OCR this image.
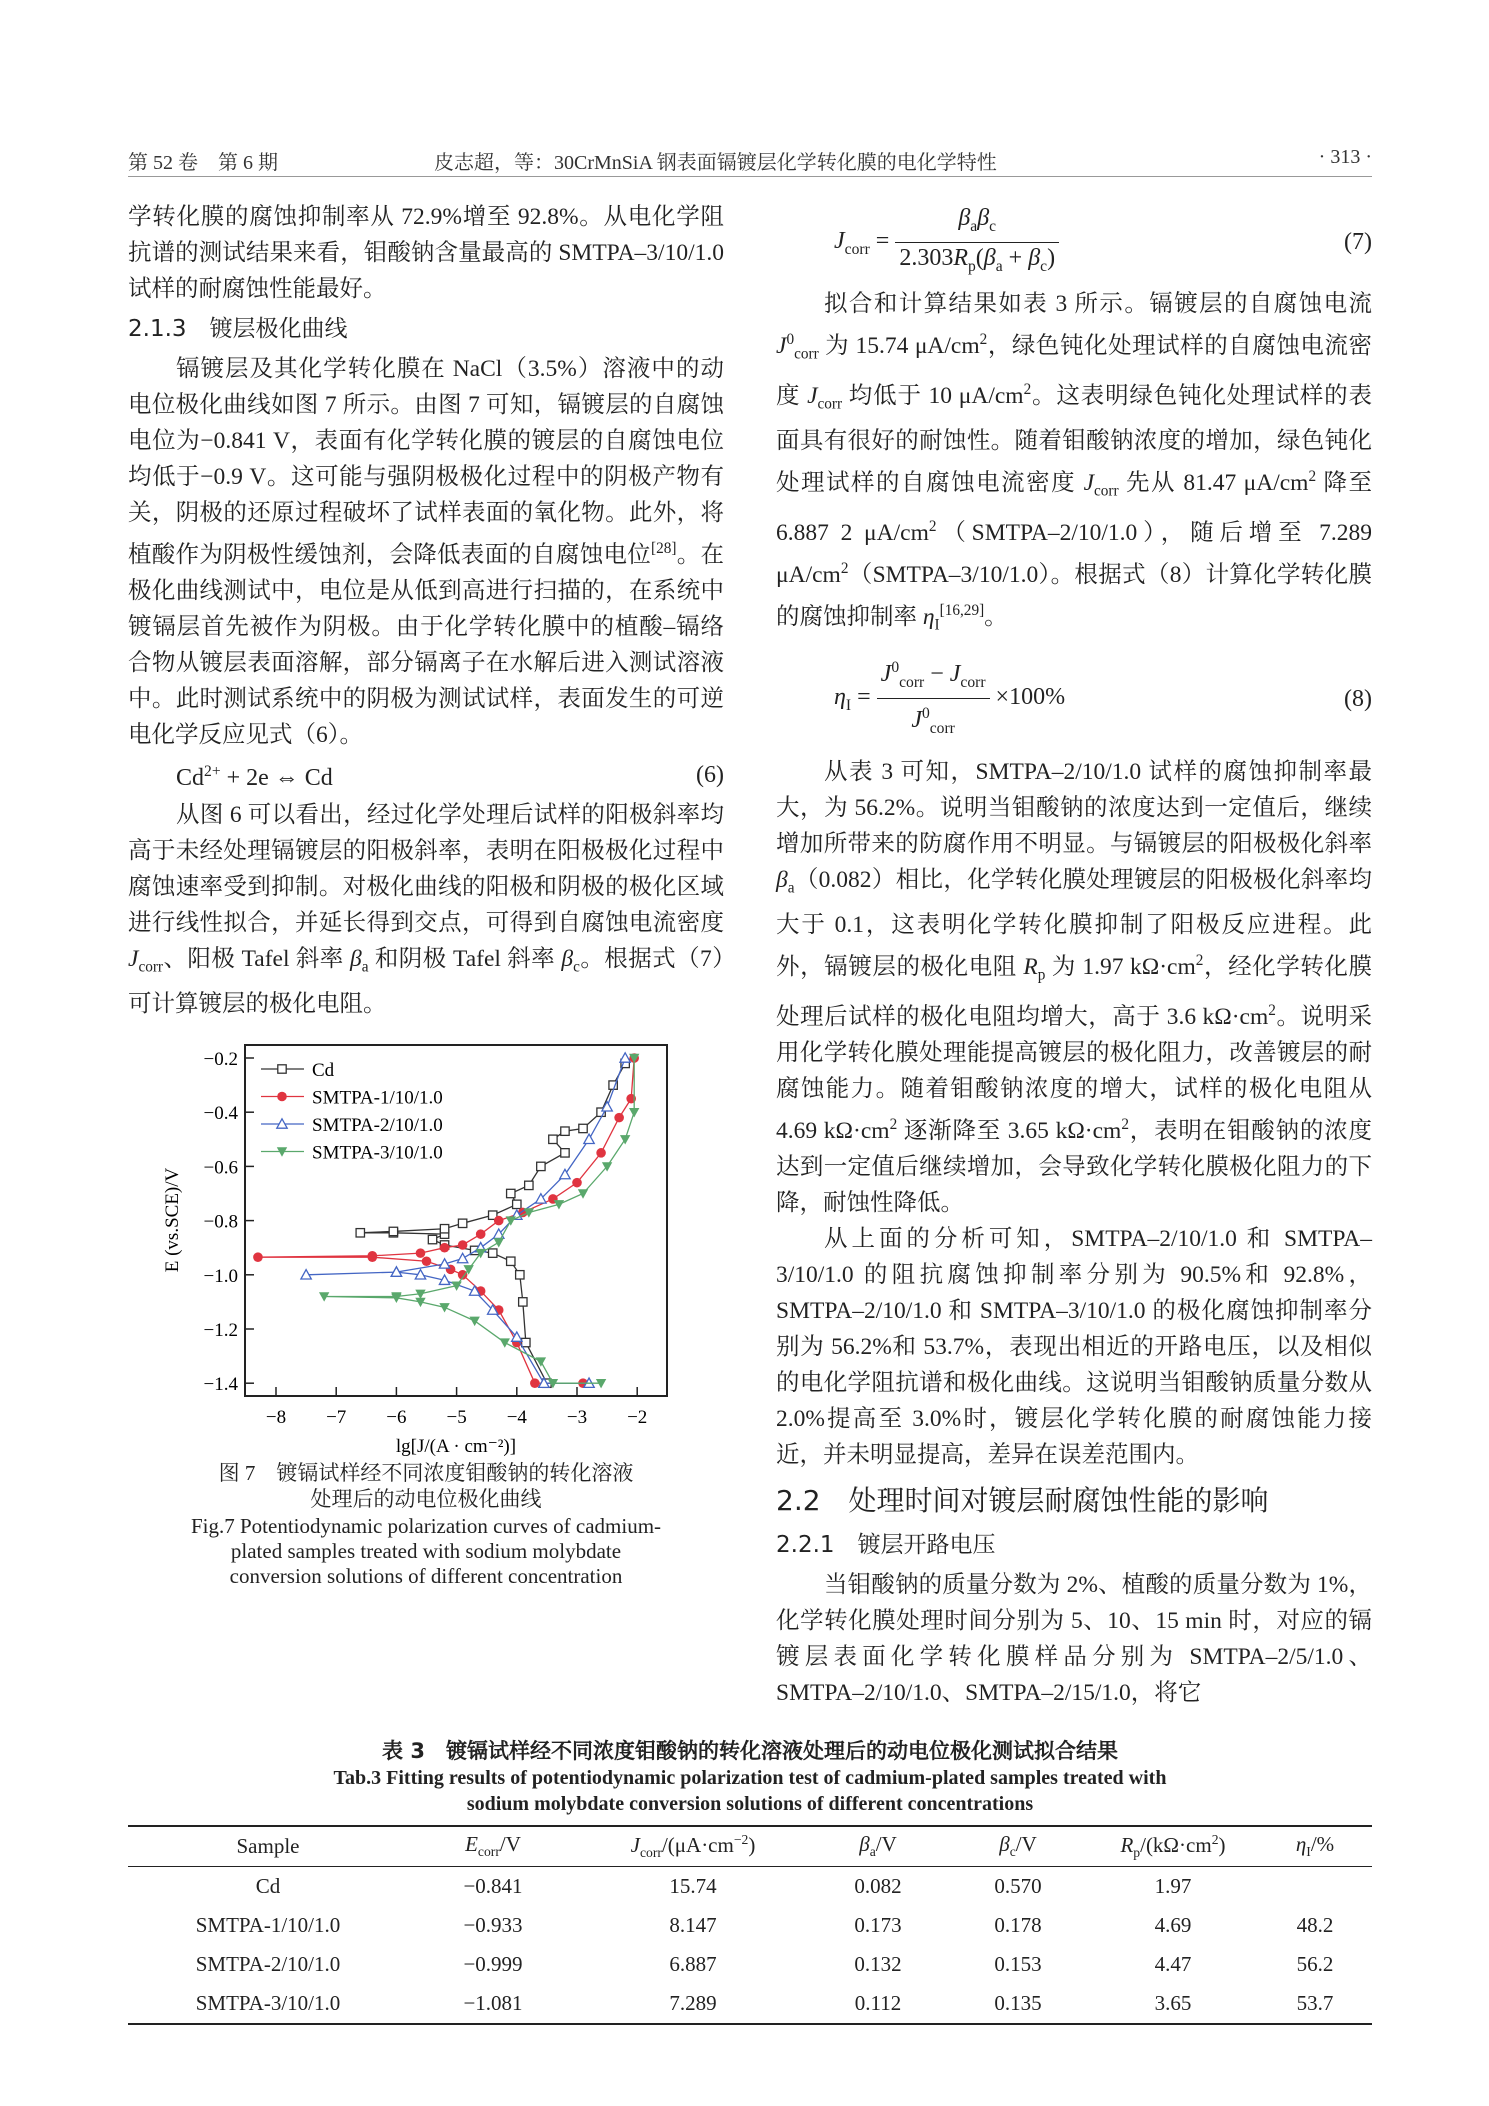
第 52 卷　第 6 期	皮志超，等：30CrMnSiA 钢表面镉镀层化学转化膜的电化学特性	· 313 ·

学转化膜的腐蚀抑制率从 72.9%增至 92.8%。从电化学阻抗谱的测试结果来看，钼酸钠含量最高的 SMTPA–3/10/1.0 试样的耐腐蚀性能最好。

2.1.3　镀层极化曲线

镉镀层及其化学转化膜在 NaCl（3.5%）溶液中的动电位极化曲线如图 7 所示。由图 7 可知，镉镀层的自腐蚀电位为−0.841 V，表面有化学转化膜的镀层的自腐蚀电位均低于−0.9 V。这可能与强阴极极化过程中的阴极产物有关，阴极的还原过程破坏了试样表面的氧化物。此外，将植酸作为阴极性缓蚀剂，会降低表面的自腐蚀电位[28]。在极化曲线测试中，电位是从低到高进行扫描的，在系统中镀镉层首先被作为阴极。由于化学转化膜中的植酸–镉络合物从镀层表面溶解，部分镉离子在水解后进入测试溶液中。此时测试系统中的阴极为测试试样，表面发生的可逆电化学反应见式（6）。

$Cd^{2+} + 2e$ ⇔ Cd	(6)

从图 6 可以看出，经过化学处理后试样的阳极斜率均高于未经处理镉镀层的阳极斜率，表明在阳极极化过程中腐蚀速率受到抑制。对极化曲线的阳极和阴极的极化区域进行线性拟合，并延长得到交点，可得到自腐蚀电流密度 $J_{corr}$、阳极 Tafel 斜率 $\beta_a$ 和阴极 Tafel 斜率 $\beta_c$。根据式（7）可计算镀层的极化电阻。

−8 −7 −6 −5 −4 −3 −2
−0.2
−0.4
−0.6
−0.8
−1.0
−1.2
−1.4
lg[J/(A · cm⁻²)]
E (vs.SCE)/V
Cd
SMTPA-1/10/1.0
SMTPA-2/10/1.0
SMTPA-3/10/1.0
图 7　镀镉试样经不同浓度钼酸钠的转化溶液
处理后的动电位极化曲线
Fig.7 Potentiodynamic polarization curves of cadmium-plated samples treated with sodium molybdate conversion solutions of different concentration
$J_{corr} = \frac{\beta_a\beta_c}{2.303R_p(\beta_a + \beta_c)}$	(7)

拟合和计算结果如表 3 所示。镉镀层的自腐蚀电流 $J^0_{corr}$ 为 15.74 $\mu A/cm^2$，绿色钝化处理试样的自腐蚀电流密度 $J_{corr}$ 均低于 10 $\mu A/cm^2$。这表明绿色钝化处理试样的表面具有很好的耐蚀性。随着钼酸钠浓度的增加，绿色钝化处理试样的自腐蚀电流密度 $J_{corr}$ 先从 81.47 $\mu A/cm^2$ 降至 6.887 2 $\mu A/cm^2(SMTPA-2/10/1.0)$，随后增至 7.289 $\mu A/cm^2(SMTPA-3/10/1.0)$。根据式（8）计算化学转化膜的腐蚀抑制率 $\eta_I[16,29]$。

$\eta_I = \frac{J^0_{corr} - J_{corr}}{J^0_{corr}} \times 100\%$	(8)

从表 3 可知，SMTPA–2/10/1.0 试样的腐蚀抑制率最大，为 56.2%。说明当钼酸钠的浓度达到一定值后，继续增加所带来的防腐作用不明显。与镉镀层的阳极极化斜率 $\beta_a(0.082)$相比，化学转化膜处理镀层的阳极极化斜率均大于 0.1，这表明化学转化膜抑制了阳极反应进程。此外，镉镀层的极化电阻 $R_p$ 为 1.97 $k\Omega\cdot cm^2$，经化学转化膜处理后试样的极化电阻均增大，高于 3.6 $k\Omega\cdot cm^2$。说明采用化学转化膜处理能提高镀层的极化阻力，改善镀层的耐腐蚀能力。随着钼酸钠浓度的增大，试样的极化电阻从 4.69 $k\Omega\cdot cm^2$ 逐渐降至 3.65 $k\Omega\cdot cm^2$，表明在钼酸钠的浓度达到一定值后继续增加，会导致化学转化膜极化阻力的下降，耐蚀性降低。

从上面的分析可知，SMTPA–2/10/1.0 和 SMTPA–3/10/1.0 的阻抗腐蚀抑制率分别为 90.5%和 92.8%，SMTPA–2/10/1.0 和 SMTPA–3/10/1.0 的极化腐蚀抑制率分别为 56.2%和 53.7%，表现出相近的开路电压，以及相似的电化学阻抗谱和极化曲线。这说明当钼酸钠质量分数从 2.0%提高至 3.0%时，镀层化学转化膜的耐腐蚀能力接近，并未明显提高，差异在误差范围内。

2.2　处理时间对镀层耐腐蚀性能的影响
2.2.1　镀层开路电压

当钼酸钠的质量分数为 2%、植酸的质量分数为 1%，化学转化膜处理时间分别为 5、10、15 min 时，对应的镉镀层表面化学转化膜样品分别为 SMTPA–2/5/1.0、SMTPA–2/10/1.0、SMTPA–2/15/1.0，将它

表 3　镀镉试样经不同浓度钼酸钠的转化溶液处理后的动电位极化测试拟合结果
Tab.3 Fitting results of potentiodynamic polarization test of cadmium-plated samples treated with
sodium molybdate conversion solutions of different concentrations
Sample	$E_{corr}/V$	$J_{corr}/(\mu A\cdot cm^{-2})$	$\beta_a/V$	$\beta_c/V$	$R_p/(k\Omega\cdot cm^2)$	$\eta_I/\%$
Cd	−0.841	15.74	0.082	0.570	1.97	
SMTPA-1/10/1.0	−0.933	8.147	0.173	0.178	4.69	48.2
SMTPA-2/10/1.0	−0.999	6.887	0.132	0.153	4.47	56.2
SMTPA-3/10/1.0	−1.081	7.289	0.112	0.135	3.65	53.7
